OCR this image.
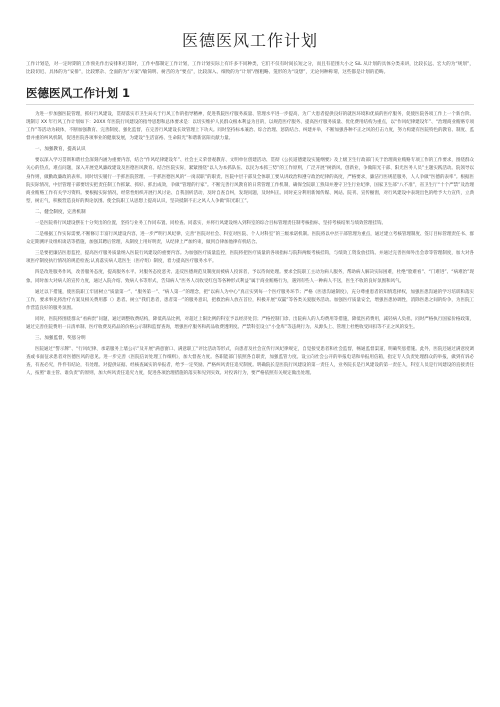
医德医风工作计划

工作计划是，对一定时期的工作预先作出安排和打算时，工作中都制定工作计划，工作计划实际上有许多不同种类，它们不仅有时间长短之分，而且有范围大小之 SiL 从计划的具体分类来讲，比较长远、宏大的为“规划”，比较切近、具体的为“安排”，比较繁杂、全面的为“方案”/敏简明、树舌的为“要点”，比较深入、细致的为“计划”/图粗略、笼形的为“设想”，无论何种称谓，这些都是计划的范畴。

医德医风工作计划 1

为进一步加强医院管理，抓好行风建设，贯彻落实市卫生局关于行风工作的指导精神，促进我院医疗服务质量、管理水平进一步提高，为广大患者提供良好的就医环境和优质的医疗服务，促使医院各项工作上一个新台阶。现制订 XX 年行风工作计划如下：20XX 年医院行风建设的指导思想和总体要求是：以切实维护人民群众根本利益为目的，以规范医疗服务、提高医疗服务质量、优化费用结构为重点，以“作风纪律建设年”、“治理商业贿赂专项工作”等活动为载体，不断加强教育、完善制度、强化监督，在完善行风建设长效管理上下功夫。同时坚持标本兼治、综合治理、惩防结合、纠建并举，不断加强各种不正之风的打击力度，努力构建有医院特色的教育、制度、监督并重的纠风机制，促进医院各项事业的健康发展，为建设“生活富裕、生命阳光”和谐新富阳贡献力量。

一、加强教育，提高认识

要以深入学习贯彻和谐社会深刻内涵为重要内容，结合“作风纪律建设年”、社会主义荣誉观教育、文明单位创建活动、贯彻《公民道德建设实施纲要》及上级卫生行政部门关于治理商业贿赂专项工作的工作要求，围绕群众关心的热点、难点问题，深入开展党风廉政建设及医德医风教育。结合医院实际，紧紧围绕“以人为本抓队伍、以民为本抓三势”的工作原则，广泛开展“树新风、创新业，争做阳光干部、阳光医务人员”主题实践活动。院领导以身作则，做勤政廉政的表率。同时切实履行一手抓医院管理、一手抓医德医风的“一岗双职”的职责。医院中层干部及全体职工要从讲政治和遵守政治纪律的高度，严格要求，廉洁行医规范服务，人人争做“医德的表率”。根据医院实际情况，中层管理干部要切实把责任制工作抓紧、抓好、抓出成效，争做“管理的行家”。不断完善行风教育的日常管理工作机制，确保全院职工熟知并遵守卫生行业纪律，国家卫生部“八不准”，省卫生厅“十个严禁”及治理商业贿赂工作有关学习资料。要根据实际情况，经常性组织开展行风讨论、自我剖析活动，及时自查自纠，发现问题，及时纠正。同时充分利用新闻传媒、网站、院刊、宣传橱窗，对行风建设中表现出色的给予大力宣传，立典型，树正气，积极营造良好的舆论氛围。使全院职工从思想上提高认识，坚决抵制不正之风人人争做“阳光职工”。

二、健全制度，完善机制

一是医院将行风建设摆在十分突出的位置，坚持与业务工作同布置、同检查、同落实，并将行风建设纳入到科室的综合目标管理责任制考核指标，坚持考核结果与绩效管理挂钩。

二是根据工作实际需要,不断修订丰富行风建设内容，进一步严明行风纪律，完善“医院对社会、科室对医院、个人对科室”的三级承诺机制。医院将以中层干部管理为重点，通过建立考核管理制度、签订目标管理责任书、群众定期测评及组织谈话等措施，加强其聘后管理，从制度上用好明责，从纪律上严加约束，做到自律加他律有机结合。

三是要把廉洁医患监控，提高医疗服务质量纳入医院行风建设的重要内容。为加强医疗质量监控，医院将把医疗质量的各项指标与院科两级考核挂钩，与绩效工资发放挂钩。并通过完善医师外出会诊等管理制度，加大对各项医疗制度执行情况的规范检查;认真落实病人选医生（医疗组）制度，着力提高医疗服务水平。

四是改进服务作风，改善服务态度，提高服务水平。对服务态度恶劣、违反医德规范及制度而被病人投诉者，予以待岗处理。要求全院职工主动为病人服务，帮助病人解决实际困难，杜绝“脸难看”、“门难进”、“病难治”现象。同时加大对病人的宣传力度，通过入院介绍、致病人书等形式，告知病人“医务人员收受红包等各种形式利益”属于商业贿赂行为，遇到有些人一种病人不送，医生不收的良好氛围和风气。

通过以下措施，使医院职工牢固树立“质量第一”、“服务第一”、“病人第一”的理念，把“以病人为中心”真正实到每一个医疗服务环节；严格《医患沟通制度》，充分尊重患者的知情选择权，加强医患沟通的学习培训和落实工作，要求事先将治疗方案及相关费用都（）患者。树立“我们患者，患者第一”的服务意识，把救治病人放在首位，积极开展“双赢”等各类关爱服务活动。加强医疗质量安全，增强医患协调性，消除医患之间的纷争，为医院工作营造良好的服务氛围。

同时，医院将围绕群众“看病贵”问题，通过调整收费结构，降低药品比例，对超过上限比例的科室予以经济处罚；严格控制门诊、出院病人的人均费用等措施，降低医药费用，减轻病人负担。同时严格执行国家价格政策，通过完善住院费用一日清单制、医疗收费及药品的价格公示制和监督查询，增强医疗服务和药品收费透明度。严禁科室设立“小金库”等违规行为。从源头上、管理上杜绝收受回扣等不正之风的发生。

三、加强监督，奖惩分明

医院通过“警示牌”、“行风纪律、承诺服务上墙公示”及开展“满意窗口、满意职工”评比活动等形式，向患者及社会宣传行风纪律规定，自觉接受患者和社会监督，畅通监督渠道，明确奖惩措施。此外，医院还通过满意度调查或书面征求患者对医德医风的意见。进一步完善《医院信访处理工作细则》，加大督查力度。各职能部门依照各自职责，加强监管力度。设立向社会公开的举报电话和举报用信箱，指定专人负责处理群众的举报，做到有诉必查，有查必究，件件有结论，有处理。对提供证据、经核查属实的举报者，给予一定奖励。严格纠风责任追究制度。明确院长是医院行风建设的第一责任人，业务院长是行风建设的第一责任人，科室人员是行风建设的直接责任人，按照“谁主管、谁负责”的原则，加大纠风责任追究力度，促进各项治理措施的落实和见到实效。对投诉行为，要严格依照有关规定做出处理。
